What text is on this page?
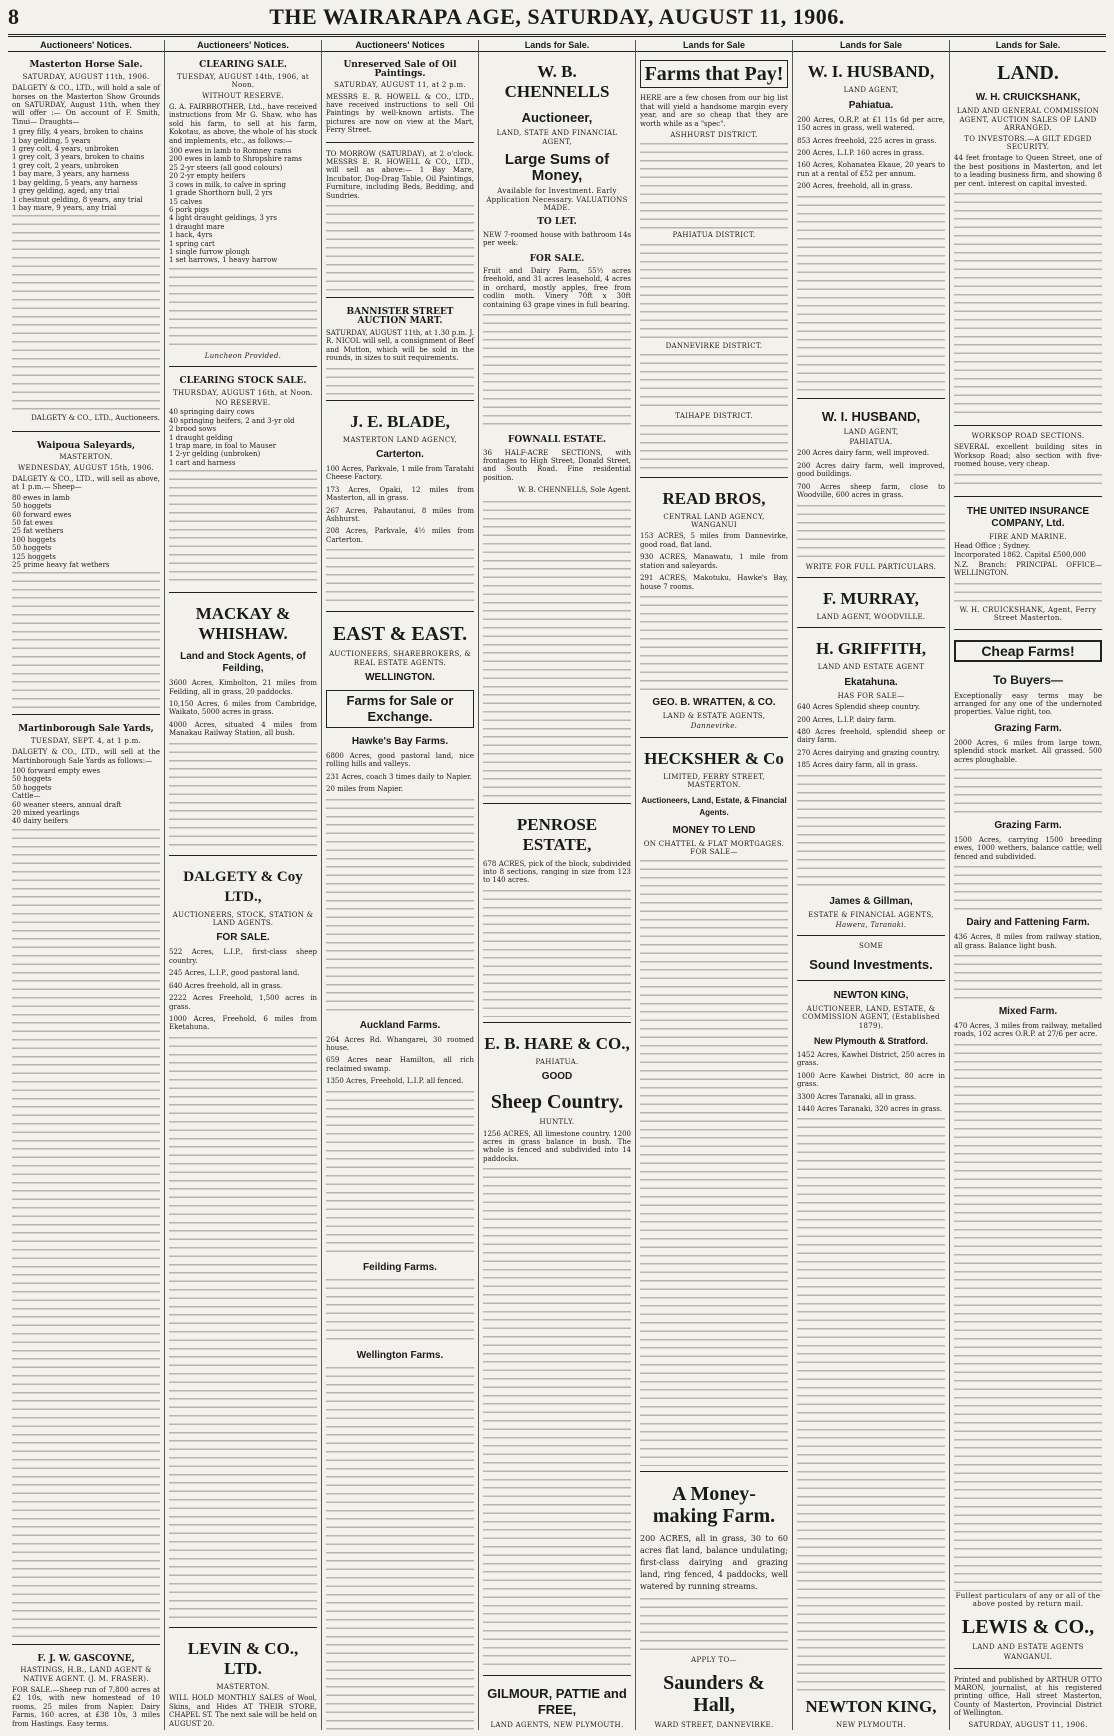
8	THE WAIRARAPA AGE, SATURDAY, AUGUST 11, 1906.
Auctioneers' Notices.
Masterton Horse Sale.
SATURDAY, AUGUST 11th, 1906.
DALGETY & CO., LTD., will hold a sale of horses on the Masterton Show Grounds on SATURDAY, August 11th, when they will offer :— On account of F. Smith, Tinui— Draughts—
1 grey filly, 4 years, broken to chains
1 bay gelding, 5 years
1 grey colt, 4 years, unbroken
1 grey colt, 3 years, broken to chains
1 grey colt, 2 years, unbroken
1 bay mare, 3 years, any harness
1 bay gelding, 5 years, any harness
1 grey gelding, aged, any trial
1 chestnut gelding, 8 years, any trial
1 bay mare, 9 years, any trial
DALGETY & CO., LTD., Auctioneers.
Waipoua Saleyards,
MASTERTON.
WEDNESDAY, AUGUST 15th, 1906.
DALGETY & CO., LTD., will sell as above, at 1 p.m.— Sheep—
80 ewes in lamb
50 hoggets
60 forward ewes
50 fat ewes
25 fat wethers
100 hoggets
50 hoggets
125 hoggets
25 prime heavy fat wethers
Martinborough Sale Yards,
TUESDAY, SEPT. 4, at 1 p.m.
DALGETY & CO., LTD., will sell at the Martinborough Sale Yards as follows:—
100 forward empty ewes
50 hoggets
50 hoggets
Cattle—
60 weaner steers, annual draft
20 mixed yearlings
40 dairy heifers
F. J. W. GASCOYNE,
HASTINGS, H.B., LAND AGENT & NATIVE AGENT. (J. M. FRASER).
FOR SALE.—Sheep run of 7,800 acres at £2 10s, with new homestead of 10 rooms, 25 miles from Napier. Dairy Farms, 160 acres, at £38 10s, 3 miles from Hastings. Easy terms.
Auctioneers' Notices.
CLEARING SALE.
TUESDAY, AUGUST 14th, 1906, at Noon.
WITHOUT RESERVE.
G. A. FAIRBROTHER, Ltd., have received instructions from Mr G. Shaw, who has sold his farm, to sell at his farm, Kokotau, as above, the whole of his stock and implements, etc., as follows:—
300 ewes in lamb to Romney rams
200 ewes in lamb to Shropshire rams
25 2-yr steers (all good colours)
20 2-yr empty heifers
3 cows in milk, to calve in spring
1 grade Shorthorn bull, 2 yrs
15 calves
6 pork pigs
4 light draught geldings, 3 yrs
1 draught mare
1 hack, 4yrs
1 spring cart
1 single furrow plough
1 set harrows, 1 heavy harrow
Luncheon Provided.
CLEARING STOCK SALE.
THURSDAY, AUGUST 16th, at Noon.
NO RESERVE.
40 springing dairy cows
40 springing heifers, 2 and 3-yr old
2 brood sows
1 draught gelding
1 trap mare, in foal to Mauser
1 2-yr gelding (unbroken)
1 cart and harness
MACKAY & WHISHAW.
Land and Stock Agents, of Feilding,
3600 Acres, Kimbolton, 21 miles from Feilding, all in grass, 20 paddocks.
10,150 Acres, 6 miles from Cambridge, Waikato, 5000 acres in grass.
4000 Acres, situated 4 miles from Manakau Railway Station, all bush.
DALGETY & Coy LTD.,
AUCTIONEERS, STOCK, STATION & LAND AGENTS.
FOR SALE.
522 Acres, L.I.P., first-class sheep country.
245 Acres, L.I.P., good pastoral land.
640 Acres freehold, all in grass.
2222 Acres Freehold, 1,500 acres in grass.
1000 Acres, Freehold, 6 miles from Eketahuna.
LEVIN & CO., LTD.
MASTERTON.
WILL HOLD MONTHLY SALES of Wool, Skins, and Hides AT THEIR STORE, CHAPEL ST. The next sale will be held on AUGUST 20.
Auctioneers' Notices
Unreserved Sale of Oil Paintings.
SATURDAY, AUGUST 11, at 2 p.m.
MESSRS E. R. HOWELL & CO., LTD., have received instructions to sell Oil Paintings by well-known artists. The pictures are now on view at the Mart, Ferry Street.
TO MORROW (SATURDAY), at 2 o'clock. MESSRS E. R. HOWELL & CO., LTD., will sell as above:— 1 Bay Mare, Incubator, Dog-Drag Table, Oil Paintings, Furniture, including Beds, Bedding, and Sundries.
BANNISTER STREET AUCTION MART.
SATURDAY, AUGUST 11th, at 1.30 p.m. J. R. NICOL will sell, a consignment of Beef and Mutton, which will be sold in the rounds, in sizes to suit requirements.
J. E. BLADE,
MASTERTON LAND AGENCY,
Carterton.
100 Acres, Parkvale, 1 mile from Taratahi Cheese Factory.
173 Acres, Opaki, 12 miles from Masterton, all in grass.
267 Acres, Pahautanui, 8 miles from Ashhurst.
208 Acres, Parkvale, 4½ miles from Carterton.
EAST & EAST.
AUCTIONEERS, SHAREBROKERS, & REAL ESTATE AGENTS.
WELLINGTON.
Farms for Sale or Exchange.
Hawke's Bay Farms.
6800 Acres, good pastoral land, nice rolling hills and valleys.
231 Acres, coach 3 times daily to Napier.
20 miles from Napier.
Auckland Farms.
264 Acres Rd. Whangarei, 30 roomed house.
659 Acres near Hamilton, all rich reclaimed swamp.
1350 Acres, Freehold, L.I.P. all fenced.
Feilding Farms.
Wellington Farms.
Lands for Sale.
W. B. CHENNELLS
Auctioneer,
LAND, STATE AND FINANCIAL AGENT,
Large Sums of Money,
Available for Investment. Early Application Necessary. VALUATIONS MADE.
TO LET.
NEW 7-roomed house with bathroom 14s per week.
FOR SALE.
Fruit and Dairy Farm, 55½ acres freehold, and 31 acres leasehold, 4 acres in orchard, mostly apples, free from codlin moth. Vinery 70ft x 30ft containing 63 grape vines in full bearing.
FOWNALL ESTATE.
36 HALF-ACRE SECTIONS, with frontages to High Street, Donald Street, and South Road. Fine residential position.
W. B. CHENNELLS, Sole Agent.
PENROSE ESTATE,
678 ACRES, pick of the block, subdivided into 8 sections, ranging in size from 123 to 140 acres.
E. B. HARE & CO.,
PAHIATUA.
GOOD
Sheep Country.
HUNTLY.
1256 ACRES, All limestone country. 1200 acres in grass balance in bush. The whole is fenced and subdivided into 14 paddocks.
GILMOUR, PATTIE and FREE,
LAND AGENTS, NEW PLYMOUTH.
Lands for Sale
Farms that Pay!
HERE are a few chosen from our big list that will yield a handsome margin every year, and are so cheap that they are worth while as a "spec".
ASHHURST DISTRICT.
PAHIATUA DISTRICT.
DANNEVIRKE DISTRICT.
TAIHAPE DISTRICT.
READ BROS,
CENTRAL LAND AGENCY, WANGANUI
153 ACRES, 5 miles from Dannevirke, good road, flat land.
930 ACRES, Manawatu, 1 mile from station and saleyards.
291 ACRES, Makotuku, Hawke's Bay, house 7 rooms.
GEO. B. WRATTEN, & CO.
LAND & ESTATE AGENTS,
Dannevirke.
HECKSHER & Co
LIMITED, FERRY STREET, MASTERTON.
Auctioneers, Land, Estate, & Financial Agents.
MONEY TO LEND
ON CHATTEL & FLAT MORTGAGES. FOR SALE—
A Money-making Farm.
200 ACRES, all in grass, 30 to 60 acres flat land, balance undulating; first-class dairying and grazing land, ring fenced, 4 paddocks, well watered by running streams.
APPLY TO—
Saunders & Hall,
WARD STREET, DANNEVIRKE.
Lands for Sale
W. I. HUSBAND,
LAND AGENT,
Pahiatua.
200 Acres, O.R.P. at £1 11s 6d per acre, 150 acres in grass, well watered.
853 Acres freehold, 225 acres in grass.
200 Acres, L.I.P. 160 acres in grass.
160 Acres, Kohanatea Ekaue, 20 years to run at a rental of £52 per annum.
200 Acres, freehold, all in grass.
W. I. HUSBAND,
LAND AGENT,
PAHIATUA.
200 Acres dairy farm, well improved.
200 Acres dairy farm, well improved, good buildings.
700 Acres sheep farm, close to Woodville, 600 acres in grass.
WRITE FOR FULL PARTICULARS.
F. MURRAY,
LAND AGENT, WOODVILLE.
H. GRIFFITH,
LAND AND ESTATE AGENT
Ekatahuna.
HAS FOR SALE—
640 Acres Splendid sheep country.
200 Acres, L.I.P. dairy farm.
480 Acres freehold, splendid sheep or dairy farm.
270 Acres dairying and grazing country.
185 Acres dairy farm, all in grass.
James & Gillman,
ESTATE & FINANCIAL AGENTS,
Hawera, Taranaki.
SOME
Sound Investments.
NEWTON KING,
AUCTIONEER, LAND, ESTATE, & COMMISSION AGENT, (Established 1879).
New Plymouth & Stratford.
1452 Acres, Kawhei District, 250 acres in grass.
1000 Acre Kawhei District, 80 acre in grass.
3300 Acres Taranaki, all in grass.
1440 Acres Taranaki, 320 acres in grass.
NEWTON KING,
NEW PLYMOUTH.
Lands for Sale.
LAND.
W. H. CRUICKSHANK,
LAND AND GENERAL COMMISSION AGENT, AUCTION SALES OF LAND ARRANGED.
TO INVESTORS.—A GILT EDGED SECURITY.
44 feet frontage to Queen Street, one of the best positions in Masterton, and let to a leading business firm, and showing 8 per cent. interest on capital invested.
WORKSOP ROAD SECTIONS.
SEVERAL excellent building sites in Worksop Road; also section with five-roomed house, very cheap.
THE UNITED INSURANCE COMPANY, Ltd.
FIRE AND MARINE.
Head Office ; Sydney.
Incorporated 1862. Capital £500,000
N.Z. Branch: PRINCIPAL OFFICE—WELLINGTON.
W. H. CRUICKSHANK, Agent, Ferry Street Masterton.
Cheap Farms!
To Buyers—
Exceptionally easy terms may be arranged for any one of the undernoted properties. Value right, too.
Grazing Farm.
2000 Acres, 6 miles from large town, splendid stock market. All grassed. 500 acres ploughable.
Grazing Farm.
1500 Acres, carrying 1500 breeding ewes, 1000 wethers, balance cattle; well fenced and subdivided.
Dairy and Fattening Farm.
436 Acres, 8 miles from railway station, all grass. Balance light bush.
Mixed Farm.
470 Acres, 3 miles from railway, metalled roads, 102 acres O.R.P. at 27/6 per acre.
Fullest particulars of any or all of the above posted by return mail.
LEWIS & CO.,
LAND AND ESTATE AGENTS
WANGANUI.
Printed and published by ARTHUR OTTO MARON, journalist, at his registered printing office, Hall street Masterton, County of Masterton, Provincial District of Wellington.
SATURDAY, AUGUST 11, 1906.
